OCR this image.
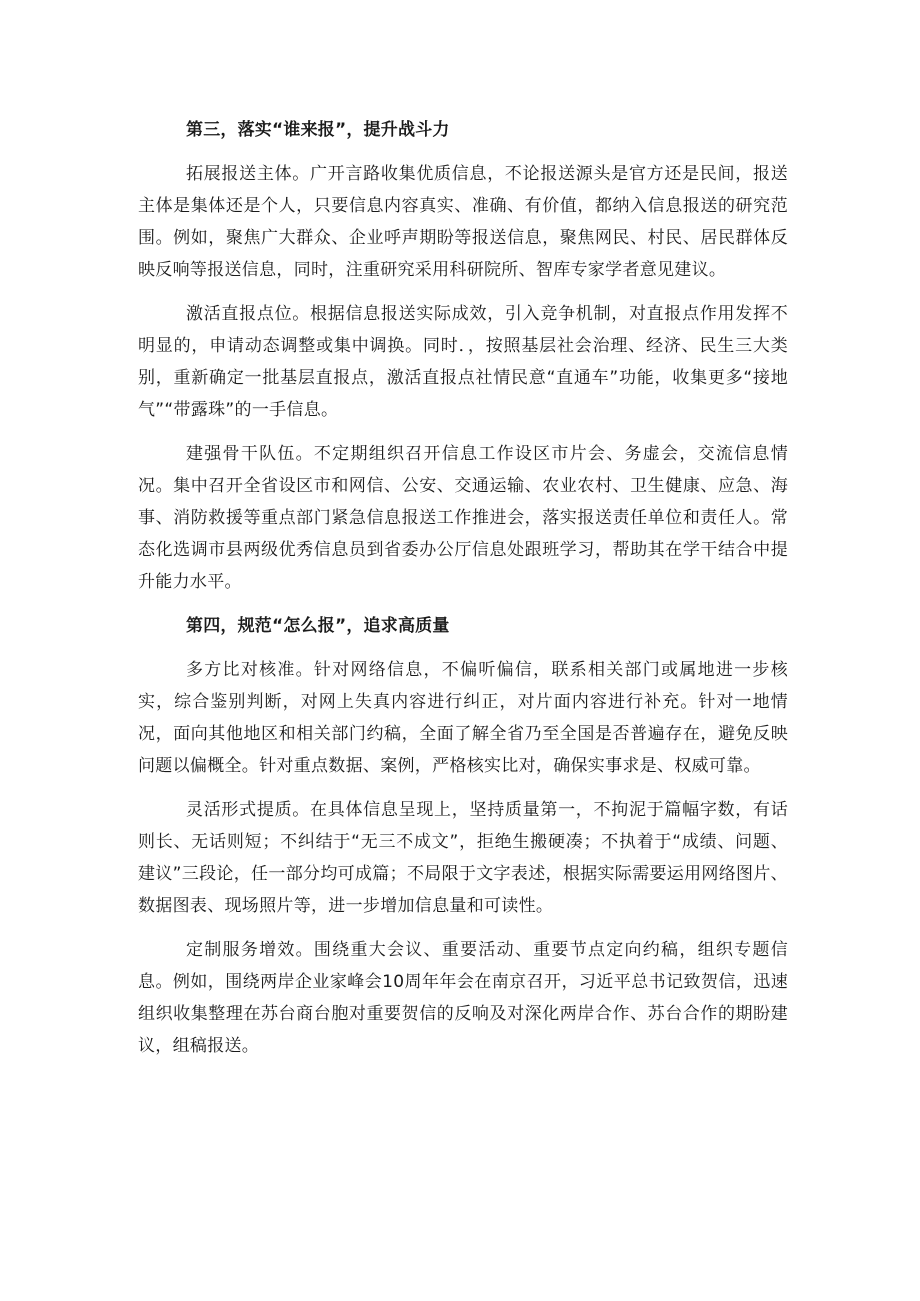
第三，落实“谁来报”，提升战斗力

拓展报送主体。广开言路收集优质信息，不论报送源头是官方还是民间，报送主体是集体还是个人，只要信息内容真实、准确、有价值，都纳入信息报送的研究范围。例如，聚焦广大群众、企业呼声期盼等报送信息，聚焦网民、村民、居民群体反映反响等报送信息，同时，注重研究采用科研院所、智库专家学者意见建议。

激活直报点位。根据信息报送实际成效，引入竞争机制，对直报点作用发挥不明显的，申请动态调整或集中调换。同时．，按照基层社会治理、经济、民生三大类别，重新确定一批基层直报点，激活直报点社情民意“直通车”功能，收集更多“接地气”“带露珠”的一手信息。

建强骨干队伍。不定期组织召开信息工作设区市片会、务虚会，交流信息情况。集中召开全省设区市和网信、公安、交通运输、农业农村、卫生健康、应急、海事、消防救援等重点部门紧急信息报送工作推进会，落实报送责任单位和责任人。常态化选调市县两级优秀信息员到省委办公厅信息处跟班学习，帮助其在学干结合中提升能力水平。

第四，规范“怎么报”，追求高质量

多方比对核准。针对网络信息，不偏听偏信，联系相关部门或属地进一步核实，综合鉴别判断，对网上失真内容进行纠正，对片面内容进行补充。针对一地情况，面向其他地区和相关部门约稿，全面了解全省乃至全国是否普遍存在，避免反映问题以偏概全。针对重点数据、案例，严格核实比对，确保实事求是、权威可靠。

灵活形式提质。在具体信息呈现上，坚持质量第一，不拘泥于篇幅字数，有话则长、无话则短；不纠结于“无三不成文”，拒绝生搬硬凑；不执着于“成绩、问题、建议”三段论，任一部分均可成篇；不局限于文字表述，根据实际需要运用网络图片、数据图表、现场照片等，进一步增加信息量和可读性。

定制服务增效。围绕重大会议、重要活动、重要节点定向约稿，组织专题信息。例如，围绕两岸企业家峰会10周年年会在南京召开，习近平总书记致贺信，迅速组织收集整理在苏台商台胞对重要贺信的反响及对深化两岸合作、苏台合作的期盼建议，组稿报送。
